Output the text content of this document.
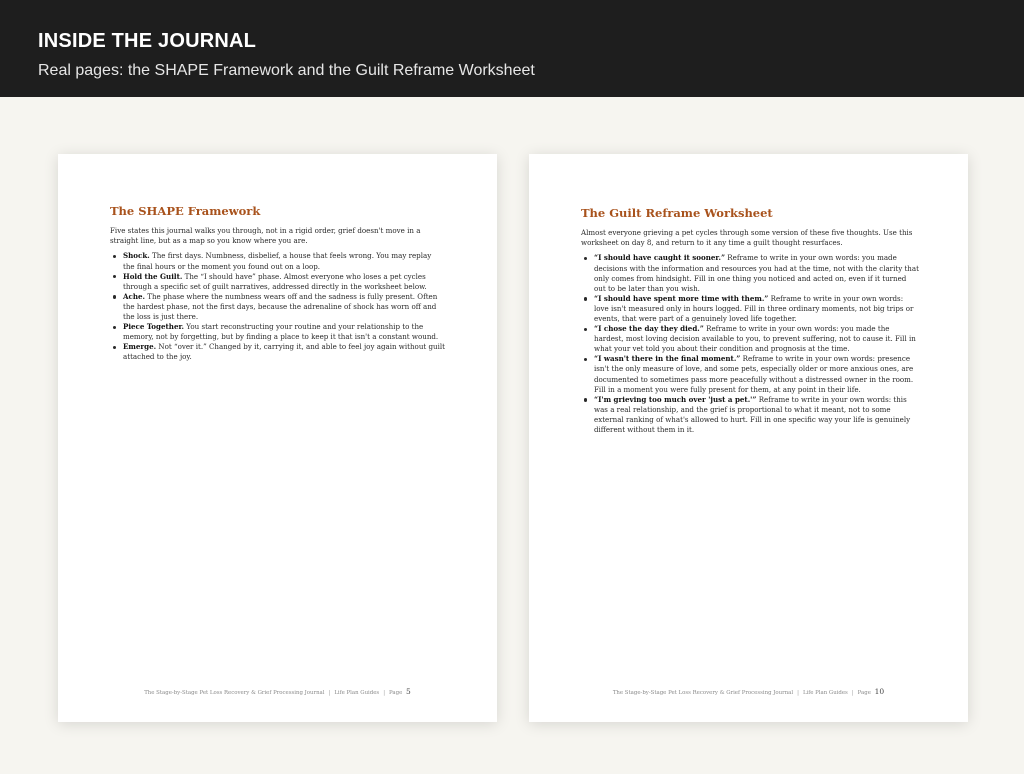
INSIDE THE JOURNAL

Real pages: the SHAPE Framework and the Guilt Reframe Worksheet

The SHAPE Framework

Five states this journal walks you through, not in a rigid order, grief doesn't move in a straight line, but as a map so you know where you are.

Shock. The first days. Numbness, disbelief, a house that feels wrong. You may replay the final hours or the moment you found out on a loop.
Hold the Guilt. The “I should have” phase. Almost everyone who loses a pet cycles through a specific set of guilt narratives, addressed directly in the worksheet below.
Ache. The phase where the numbness wears off and the sadness is fully present. Often the hardest phase, not the first days, because the adrenaline of shock has worn off and the loss is just there.
Piece Together. You start reconstructing your routine and your relationship to the memory, not by forgetting, but by finding a place to keep it that isn't a constant wound.
Emerge. Not “over it.” Changed by it, carrying it, and able to feel joy again without guilt attached to the joy.
The Stage-by-Stage Pet Loss Recovery & Grief Processing Journal | Life Plan Guides | Page 5
The Guilt Reframe Worksheet

Almost everyone grieving a pet cycles through some version of these five thoughts. Use this worksheet on day 8, and return to it any time a guilt thought resurfaces.

“I should have caught it sooner.” Reframe to write in your own words: you made decisions with the information and resources you had at the time, not with the clarity that only comes from hindsight. Fill in one thing you noticed and acted on, even if it turned out to be later than you wish.
“I should have spent more time with them.” Reframe to write in your own words: love isn't measured only in hours logged. Fill in three ordinary moments, not big trips or events, that were part of a genuinely loved life together.
“I chose the day they died.” Reframe to write in your own words: you made the hardest, most loving decision available to you, to prevent suffering, not to cause it. Fill in what your vet told you about their condition and prognosis at the time.
“I wasn't there in the final moment.” Reframe to write in your own words: presence isn't the only measure of love, and some pets, especially older or more anxious ones, are documented to sometimes pass more peacefully without a distressed owner in the room. Fill in a moment you were fully present for them, at any point in their life.
“I'm grieving too much over 'just a pet.'” Reframe to write in your own words: this was a real relationship, and the grief is proportional to what it meant, not to some external ranking of what's allowed to hurt. Fill in one specific way your life is genuinely different without them in it.
The Stage-by-Stage Pet Loss Recovery & Grief Processing Journal | Life Plan Guides | Page 10
